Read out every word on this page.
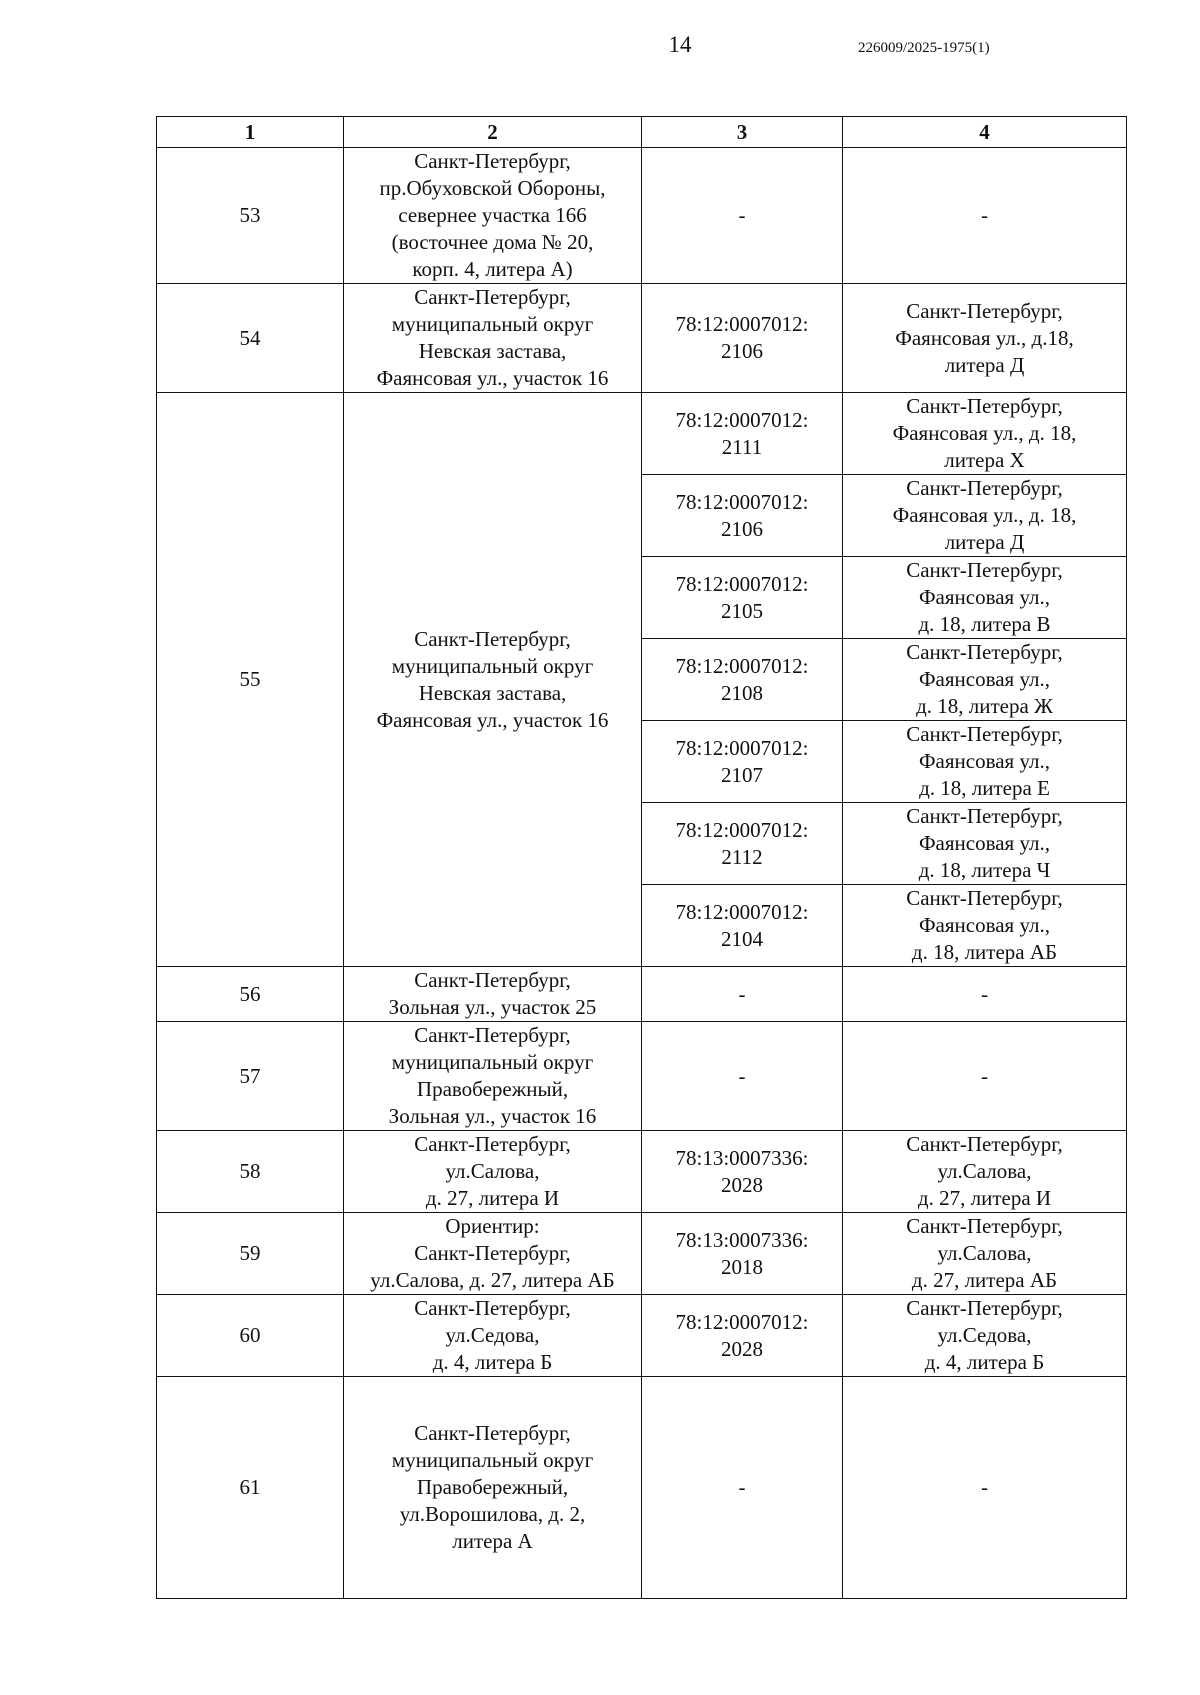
14	226009/2025-1975(1)
1	2	3	4
53	Санкт-Петербург,
пр.Обуховской Обороны,
севернее участка 166
(восточнее дома № 20,
корп. 4, литера А)	-	-

54	Санкт-Петербург,
муниципальный округ
Невская застава,
Фаянсовая ул., участок 16	78:12:0007012:
2106	Санкт-Петербург,
Фаянсовая ул., д.18,
литера Д

55	Санкт-Петербург,
муниципальный округ
Невская застава,
Фаянсовая ул., участок 16	78:12:0007012:
2111	Санкт-Петербург,
Фаянсовая ул., д. 18,
литера Х

		78:12:0007012:
2106	Санкт-Петербург,
Фаянсовая ул., д. 18,
литера Д

		78:12:0007012:
2105	Санкт-Петербург,
Фаянсовая ул.,
д. 18, литера В

		78:12:0007012:
2108	Санкт-Петербург,
Фаянсовая ул.,
д. 18, литера Ж

		78:12:0007012:
2107	Санкт-Петербург,
Фаянсовая ул.,
д. 18, литера Е

		78:12:0007012:
2112	Санкт-Петербург,
Фаянсовая ул.,
д. 18, литера Ч

		78:12:0007012:
2104	Санкт-Петербург,
Фаянсовая ул.,
д. 18, литера АБ

56	Санкт-Петербург,
Зольная ул., участок 25	-	-

57	Санкт-Петербург,
муниципальный округ
Правобережный,
Зольная ул., участок 16	-	-

58	Санкт-Петербург,
ул.Салова,
д. 27, литера И	78:13:0007336:
2028	Санкт-Петербург,
ул.Салова,
д. 27, литера И

59	Ориентир:
Санкт-Петербург,
ул.Салова, д. 27, литера АБ	78:13:0007336:
2018	Санкт-Петербург,
ул.Салова,
д. 27, литера АБ

60	Санкт-Петербург,
ул.Седова,
д. 4, литера Б	78:12:0007012:
2028	Санкт-Петербург,
ул.Седова,
д. 4, литера Б

61	Санкт-Петербург,
муниципальный округ
Правобережный,
ул.Ворошилова, д. 2,
литера А	-	-
